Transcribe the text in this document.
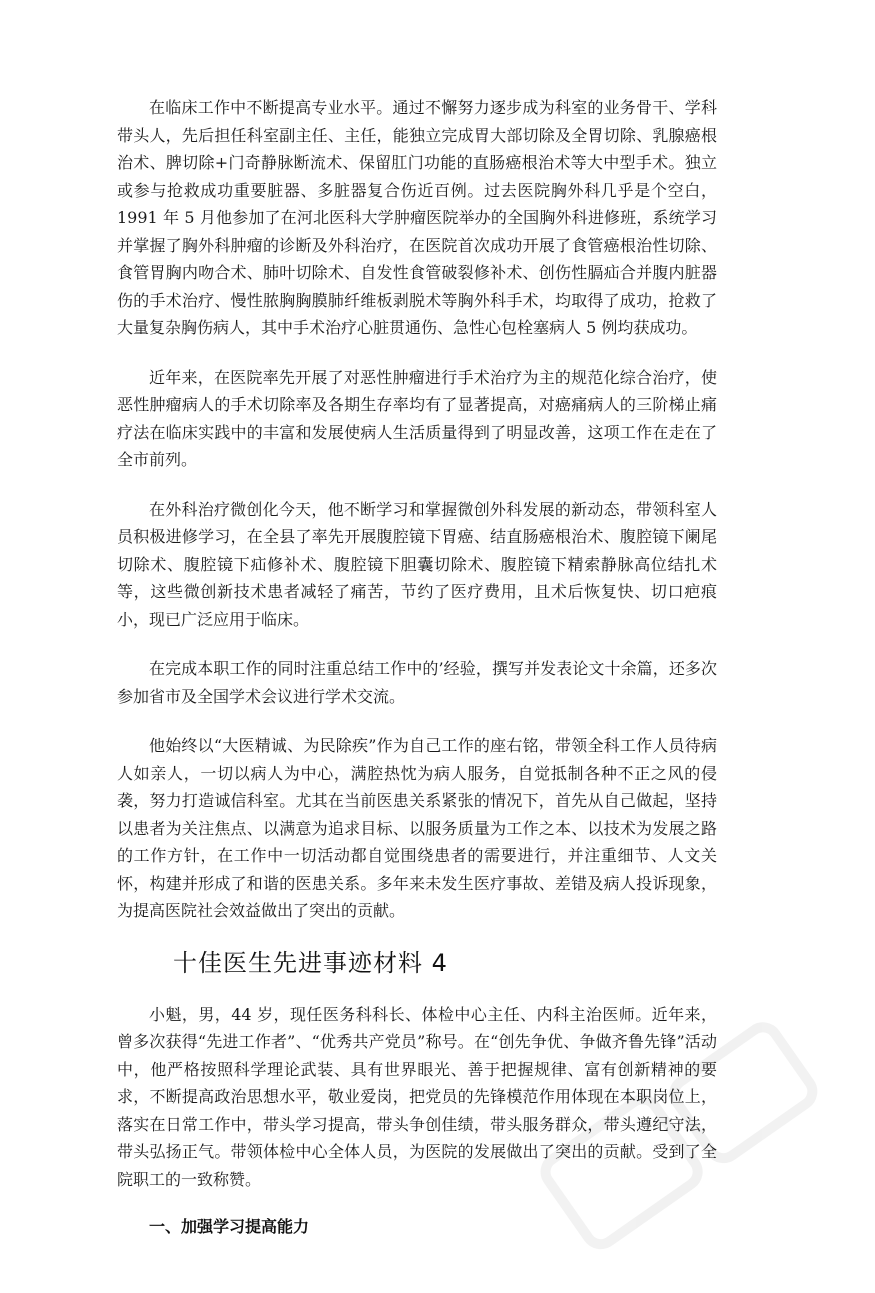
在临床工作中不断提高专业水平。通过不懈努力逐步成为科室的业务骨干、学科带头人，先后担任科室副主任、主任，能独立完成胃大部切除及全胃切除、乳腺癌根治术、脾切除+门奇静脉断流术、保留肛门功能的直肠癌根治术等大中型手术。独立或参与抢救成功重要脏器、多脏器复合伤近百例。过去医院胸外科几乎是个空白，1991 年 5 月他参加了在河北医科大学肿瘤医院举办的全国胸外科进修班，系统学习并掌握了胸外科肿瘤的诊断及外科治疗，在医院首次成功开展了食管癌根治性切除、食管胃胸内吻合术、肺叶切除术、自发性食管破裂修补术、创伤性膈疝合并腹内脏器伤的手术治疗、慢性脓胸胸膜肺纤维板剥脱术等胸外科手术，均取得了成功，抢救了大量复杂胸伤病人，其中手术治疗心脏贯通伤、急性心包栓塞病人 5 例均获成功。

近年来，在医院率先开展了对恶性肿瘤进行手术治疗为主的规范化综合治疗，使恶性肿瘤病人的手术切除率及各期生存率均有了显著提高，对癌痛病人的三阶梯止痛疗法在临床实践中的丰富和发展使病人生活质量得到了明显改善，这项工作在走在了全市前列。

在外科治疗微创化今天，他不断学习和掌握微创外科发展的新动态，带领科室人员积极进修学习，在全县了率先开展腹腔镜下胃癌、结直肠癌根治术、腹腔镜下阑尾切除术、腹腔镜下疝修补术、腹腔镜下胆囊切除术、腹腔镜下精索静脉高位结扎术等，这些微创新技术患者减轻了痛苦，节约了医疗费用，且术后恢复快、切口疤痕小，现已广泛应用于临床。

在完成本职工作的同时注重总结工作中的’经验，撰写并发表论文十余篇，还多次参加省市及全国学术会议进行学术交流。

他始终以“大医精诚、为民除疾”作为自己工作的座右铭，带领全科工作人员待病人如亲人，一切以病人为中心，满腔热忱为病人服务，自觉抵制各种不正之风的侵袭，努力打造诚信科室。尤其在当前医患关系紧张的情况下，首先从自己做起，坚持以患者为关注焦点、以满意为追求目标、以服务质量为工作之本、以技术为发展之路的工作方针，在工作中一切活动都自觉围绕患者的需要进行，并注重细节、人文关怀，构建并形成了和谐的医患关系。多年来未发生医疗事故、差错及病人投诉现象，为提高医院社会效益做出了突出的贡献。

十佳医生先进事迹材料 4

小魁，男，44 岁，现任医务科科长、体检中心主任、内科主治医师。近年来，曾多次获得“先进工作者”、“优秀共产党员”称号。在“创先争优、争做齐鲁先锋”活动中，他严格按照科学理论武装、具有世界眼光、善于把握规律、富有创新精神的要求，不断提高政治思想水平，敬业爱岗，把党员的先锋模范作用体现在本职岗位上，落实在日常工作中，带头学习提高，带头争创佳绩，带头服务群众，带头遵纪守法，带头弘扬正气。带领体检中心全体人员，为医院的发展做出了突出的贡献。受到了全院职工的一致称赞。

一、加强学习提高能力
